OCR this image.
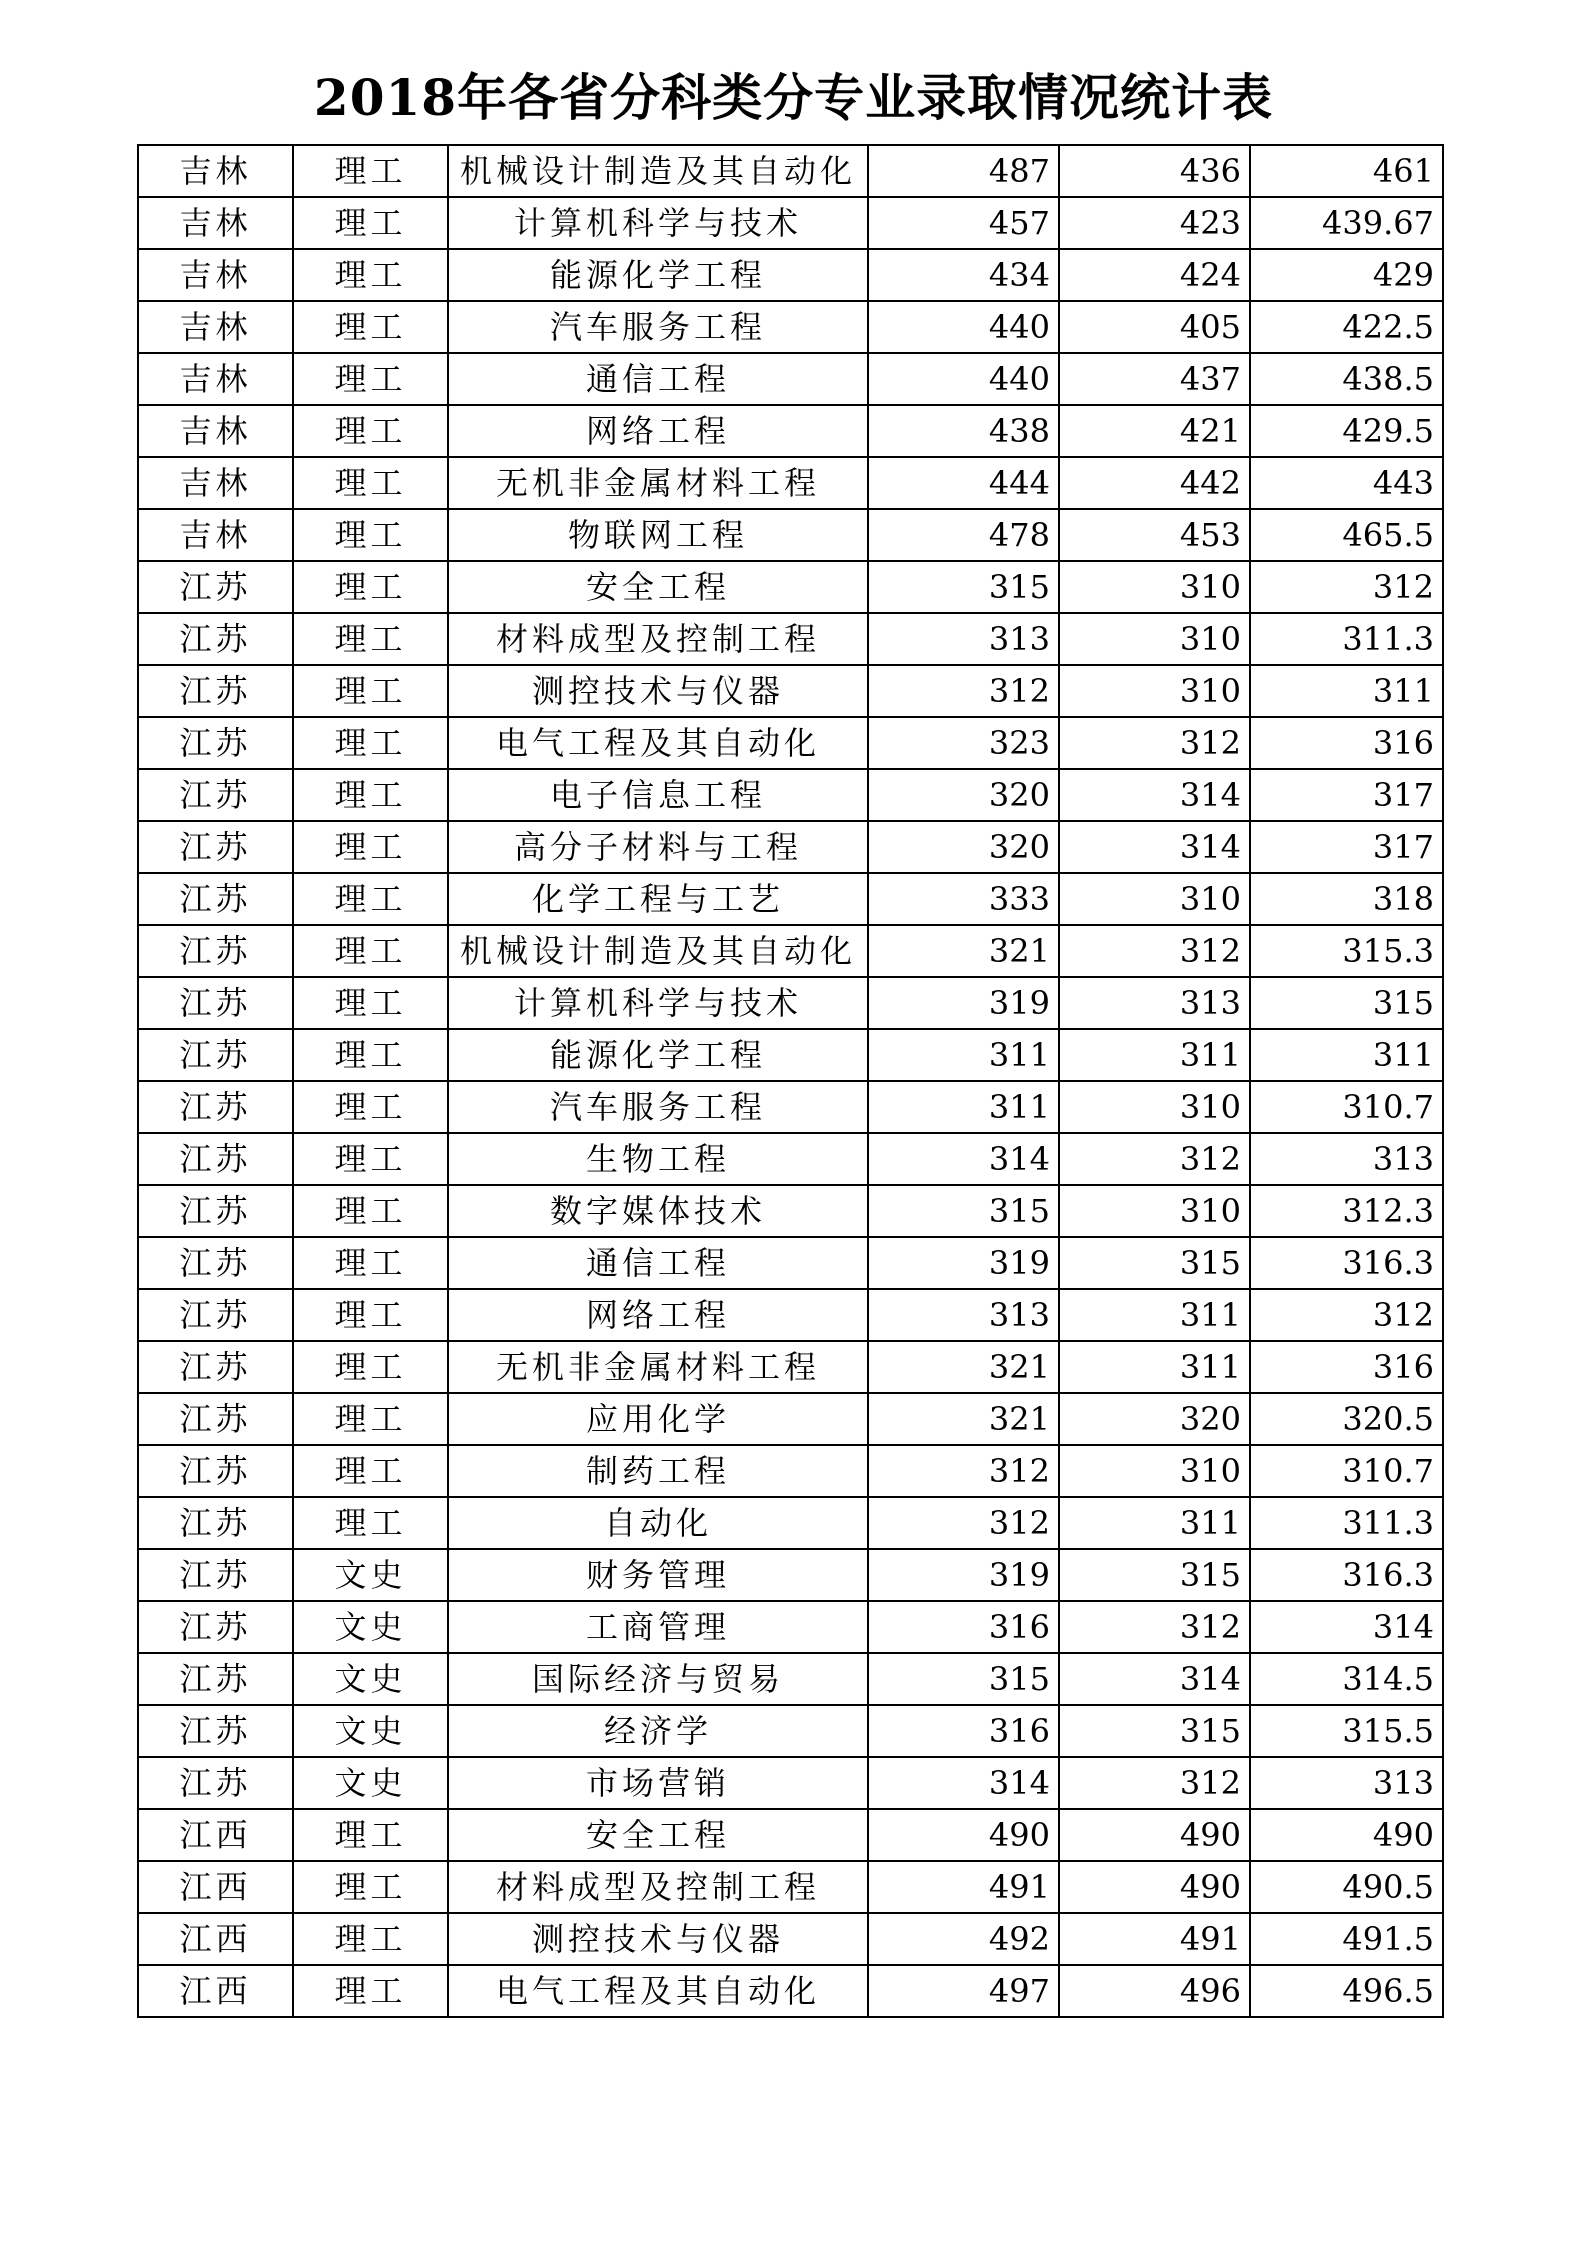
2018年各省分科类分专业录取情况统计表
吉林	理工	机械设计制造及其自动化	487	436	461
吉林	理工	计算机科学与技术	457	423	439.67
吉林	理工	能源化学工程	434	424	429
吉林	理工	汽车服务工程	440	405	422.5
吉林	理工	通信工程	440	437	438.5
吉林	理工	网络工程	438	421	429.5
吉林	理工	无机非金属材料工程	444	442	443
吉林	理工	物联网工程	478	453	465.5
江苏	理工	安全工程	315	310	312
江苏	理工	材料成型及控制工程	313	310	311.3
江苏	理工	测控技术与仪器	312	310	311
江苏	理工	电气工程及其自动化	323	312	316
江苏	理工	电子信息工程	320	314	317
江苏	理工	高分子材料与工程	320	314	317
江苏	理工	化学工程与工艺	333	310	318
江苏	理工	机械设计制造及其自动化	321	312	315.3
江苏	理工	计算机科学与技术	319	313	315
江苏	理工	能源化学工程	311	311	311
江苏	理工	汽车服务工程	311	310	310.7
江苏	理工	生物工程	314	312	313
江苏	理工	数字媒体技术	315	310	312.3
江苏	理工	通信工程	319	315	316.3
江苏	理工	网络工程	313	311	312
江苏	理工	无机非金属材料工程	321	311	316
江苏	理工	应用化学	321	320	320.5
江苏	理工	制药工程	312	310	310.7
江苏	理工	自动化	312	311	311.3
江苏	文史	财务管理	319	315	316.3
江苏	文史	工商管理	316	312	314
江苏	文史	国际经济与贸易	315	314	314.5
江苏	文史	经济学	316	315	315.5
江苏	文史	市场营销	314	312	313
江西	理工	安全工程	490	490	490
江西	理工	材料成型及控制工程	491	490	490.5
江西	理工	测控技术与仪器	492	491	491.5
江西	理工	电气工程及其自动化	497	496	496.5
